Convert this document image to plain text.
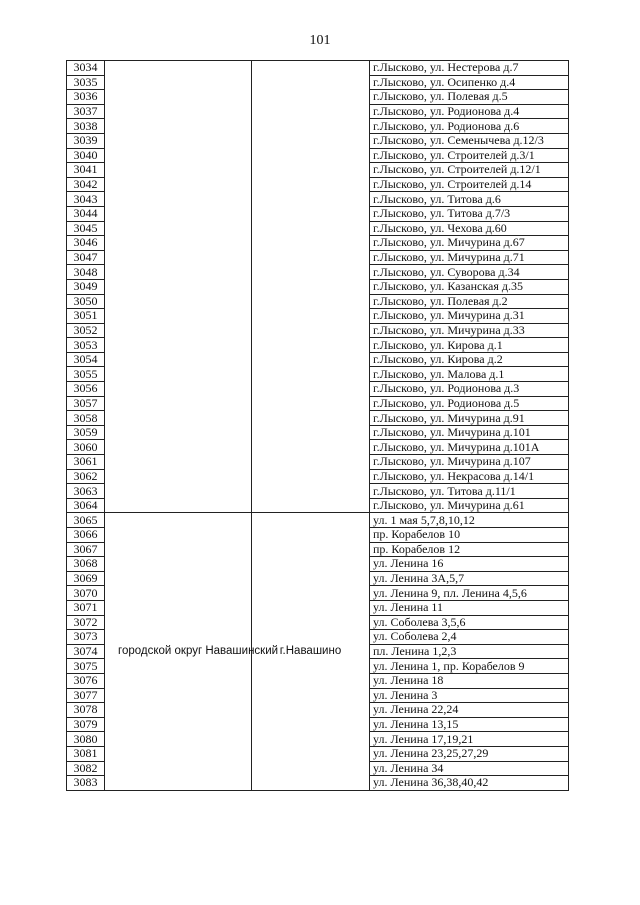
101
3034			г.Лысково, ул. Нестерова д.7
3035			г.Лысково, ул. Осипенко д.4
3036			г.Лысково, ул. Полевая д.5
3037			г.Лысково, ул. Родионова д.4
3038			г.Лысково, ул. Родионова д.6
3039			г.Лысково, ул. Семенычева д.12/3
3040			г.Лысково, ул. Строителей д.3/1
3041			г.Лысково, ул. Строителей д.12/1
3042			г.Лысково, ул. Строителей д.14
3043			г.Лысково, ул. Титова д.6
3044			г.Лысково, ул. Титова д.7/3
3045			г.Лысково, ул. Чехова д.60
3046			г.Лысково, ул. Мичурина д.67
3047			г.Лысково, ул. Мичурина д.71
3048			г.Лысково, ул. Суворова д.34
3049			г.Лысково, ул. Казанская д.35
3050			г.Лысково, ул. Полевая д.2
3051			г.Лысково, ул. Мичурина д.31
3052			г.Лысково, ул. Мичурина д.33
3053			г.Лысково, ул. Кирова д.1
3054			г.Лысково, ул. Кирова д.2
3055			г.Лысково, ул. Малова д.1
3056			г.Лысково, ул. Родионова д.3
3057			г.Лысково, ул. Родионова д.5
3058			г.Лысково, ул. Мичурина д.91
3059			г.Лысково, ул. Мичурина д.101
3060			г.Лысково, ул. Мичурина д.101А
3061			г.Лысково, ул. Мичурина д.107
3062			г.Лысково, ул. Некрасова д.14/1
3063			г.Лысково, ул. Титова д.11/1
3064			г.Лысково, ул. Мичурина д.61
3065	городской округ Навашинский	г.Навашино	ул. 1 мая 5,7,8,10,12
3066			пр. Корабелов 10
3067			пр. Корабелов 12
3068			ул. Ленина 16
3069			ул. Ленина 3А,5,7
3070			ул. Ленина 9, пл. Ленина 4,5,6
3071			ул. Ленина 11
3072			ул. Соболева 3,5,6
3073			ул. Соболева 2,4
3074			пл. Ленина 1,2,3
3075			ул. Ленина 1, пр. Корабелов 9
3076			ул. Ленина 18
3077			ул. Ленина 3
3078			ул. Ленина 22,24
3079			ул. Ленина 13,15
3080			ул. Ленина 17,19,21
3081			ул. Ленина 23,25,27,29
3082			ул. Ленина 34
3083			ул. Ленина 36,38,40,42
